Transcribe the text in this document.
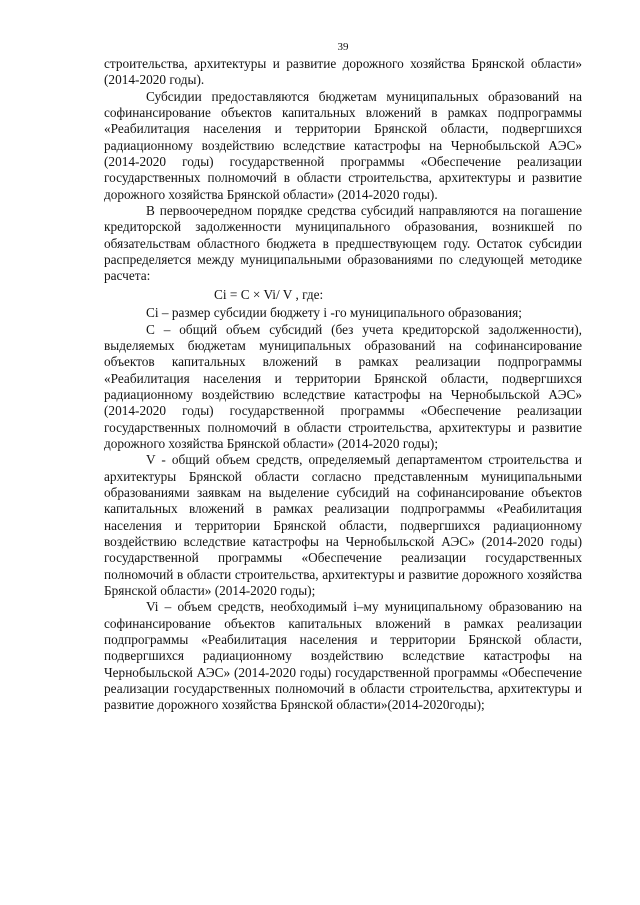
39

строительства, архитектуры и развитие дорожного хозяйства Брянской области» (2014-2020 годы).

Субсидии предоставляются бюджетам муниципальных образований на софинансирование объектов капитальных вложений в рамках подпрограммы «Реабилитация населения и территории Брянской области, подвергшихся радиационному воздействию вследствие катастрофы на Чернобыльской АЭС» (2014-2020 годы) государственной программы «Обеспечение реализации государственных полномочий в области строительства, архитектуры и развитие дорожного хозяйства Брянской области» (2014-2020 годы).

В первоочередном порядке средства субсидий направляются на погашение кредиторской задолженности муниципального образования, возникшей по обязательствам областного бюджета в предшествующем году. Остаток субсидии распределяется между муниципальными образованиями по следующей методике расчета:

Ci = C × Vi/ V , где:

Ci – размер субсидии бюджету i -го муниципального образования;

С – общий объем субсидий (без учета кредиторской задолженности), выделяемых бюджетам муниципальных образований на софинансирование объектов капитальных вложений в рамках реализации подпрограммы «Реабилитация населения и территории Брянской области, подвергшихся радиационному воздействию вследствие катастрофы на Чернобыльской АЭС» (2014-2020 годы) государственной программы «Обеспечение реализации государственных полномочий в области строительства, архитектуры и развитие дорожного хозяйства Брянской области» (2014-2020 годы);

V - общий объем средств, определяемый департаментом строительства и архитектуры Брянской области согласно представленным муниципальными образованиями заявкам на выделение субсидий на софинансирование объектов капитальных вложений в рамках реализации подпрограммы «Реабилитация населения и территории Брянской области, подвергшихся радиационному воздействию вследствие катастрофы на Чернобыльской АЭС» (2014-2020 годы) государственной программы «Обеспечение реализации государственных полномочий в области строительства, архитектуры и развитие дорожного хозяйства Брянской области» (2014-2020 годы);

Vi – объем средств, необходимый i–му муниципальному образованию на софинансирование объектов капитальных вложений в рамках реализации подпрограммы «Реабилитация населения и территории Брянской области, подвергшихся радиационному воздействию вследствие катастрофы на Чернобыльской АЭС» (2014-2020 годы) государственной программы «Обеспечение реализации государственных полномочий в области строительства, архитектуры и развитие дорожного хозяйства Брянской области»(2014-2020годы);
